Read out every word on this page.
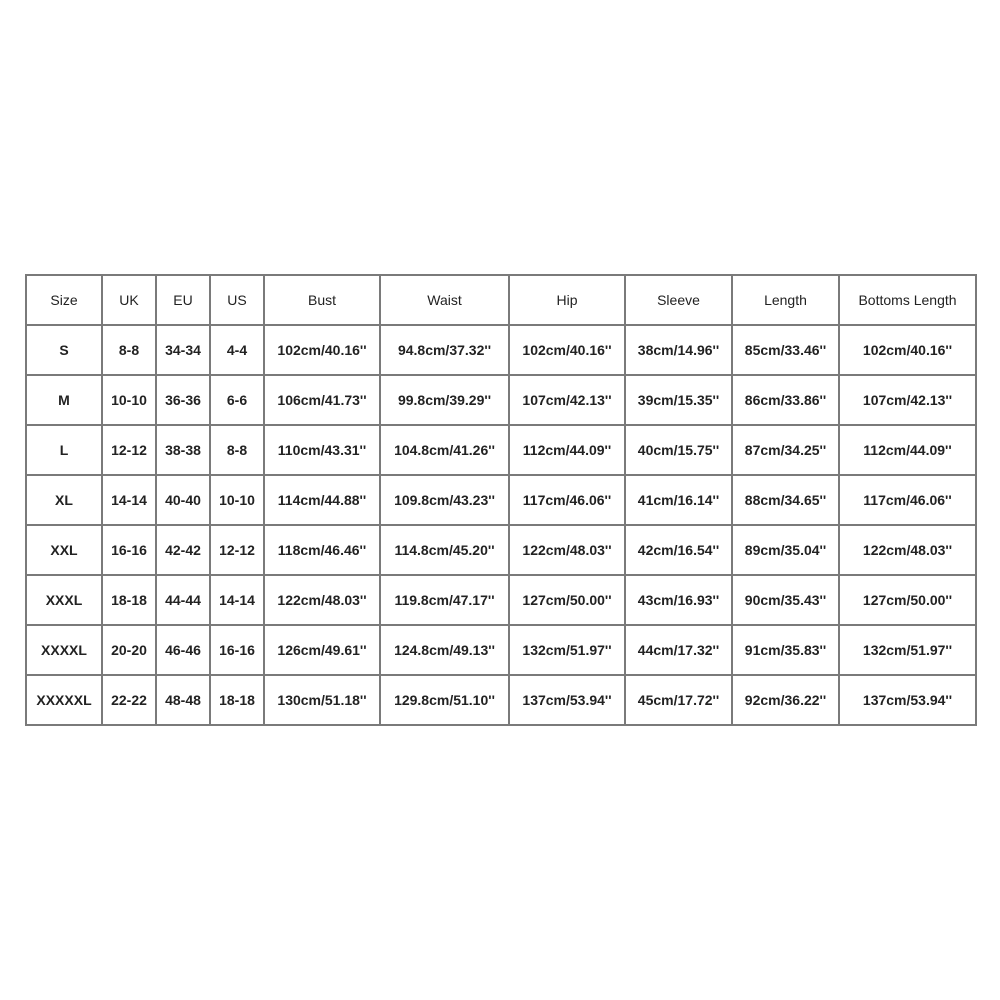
Size	UK	EU	US	Bust	Waist	Hip	Sleeve	Length	Bottoms Length
S	8-8	34-34	4-4	102cm/40.16''	94.8cm/37.32''	102cm/40.16''	38cm/14.96''	85cm/33.46''	102cm/40.16''
M	10-10	36-36	6-6	106cm/41.73''	99.8cm/39.29''	107cm/42.13''	39cm/15.35''	86cm/33.86''	107cm/42.13''
L	12-12	38-38	8-8	110cm/43.31''	104.8cm/41.26''	112cm/44.09''	40cm/15.75''	87cm/34.25''	112cm/44.09''
XL	14-14	40-40	10-10	114cm/44.88''	109.8cm/43.23''	117cm/46.06''	41cm/16.14''	88cm/34.65''	117cm/46.06''
XXL	16-16	42-42	12-12	118cm/46.46''	114.8cm/45.20''	122cm/48.03''	42cm/16.54''	89cm/35.04''	122cm/48.03''
XXXL	18-18	44-44	14-14	122cm/48.03''	119.8cm/47.17''	127cm/50.00''	43cm/16.93''	90cm/35.43''	127cm/50.00''
XXXXL	20-20	46-46	16-16	126cm/49.61''	124.8cm/49.13''	132cm/51.97''	44cm/17.32''	91cm/35.83''	132cm/51.97''
XXXXXL	22-22	48-48	18-18	130cm/51.18''	129.8cm/51.10''	137cm/53.94''	45cm/17.72''	92cm/36.22''	137cm/53.94''
